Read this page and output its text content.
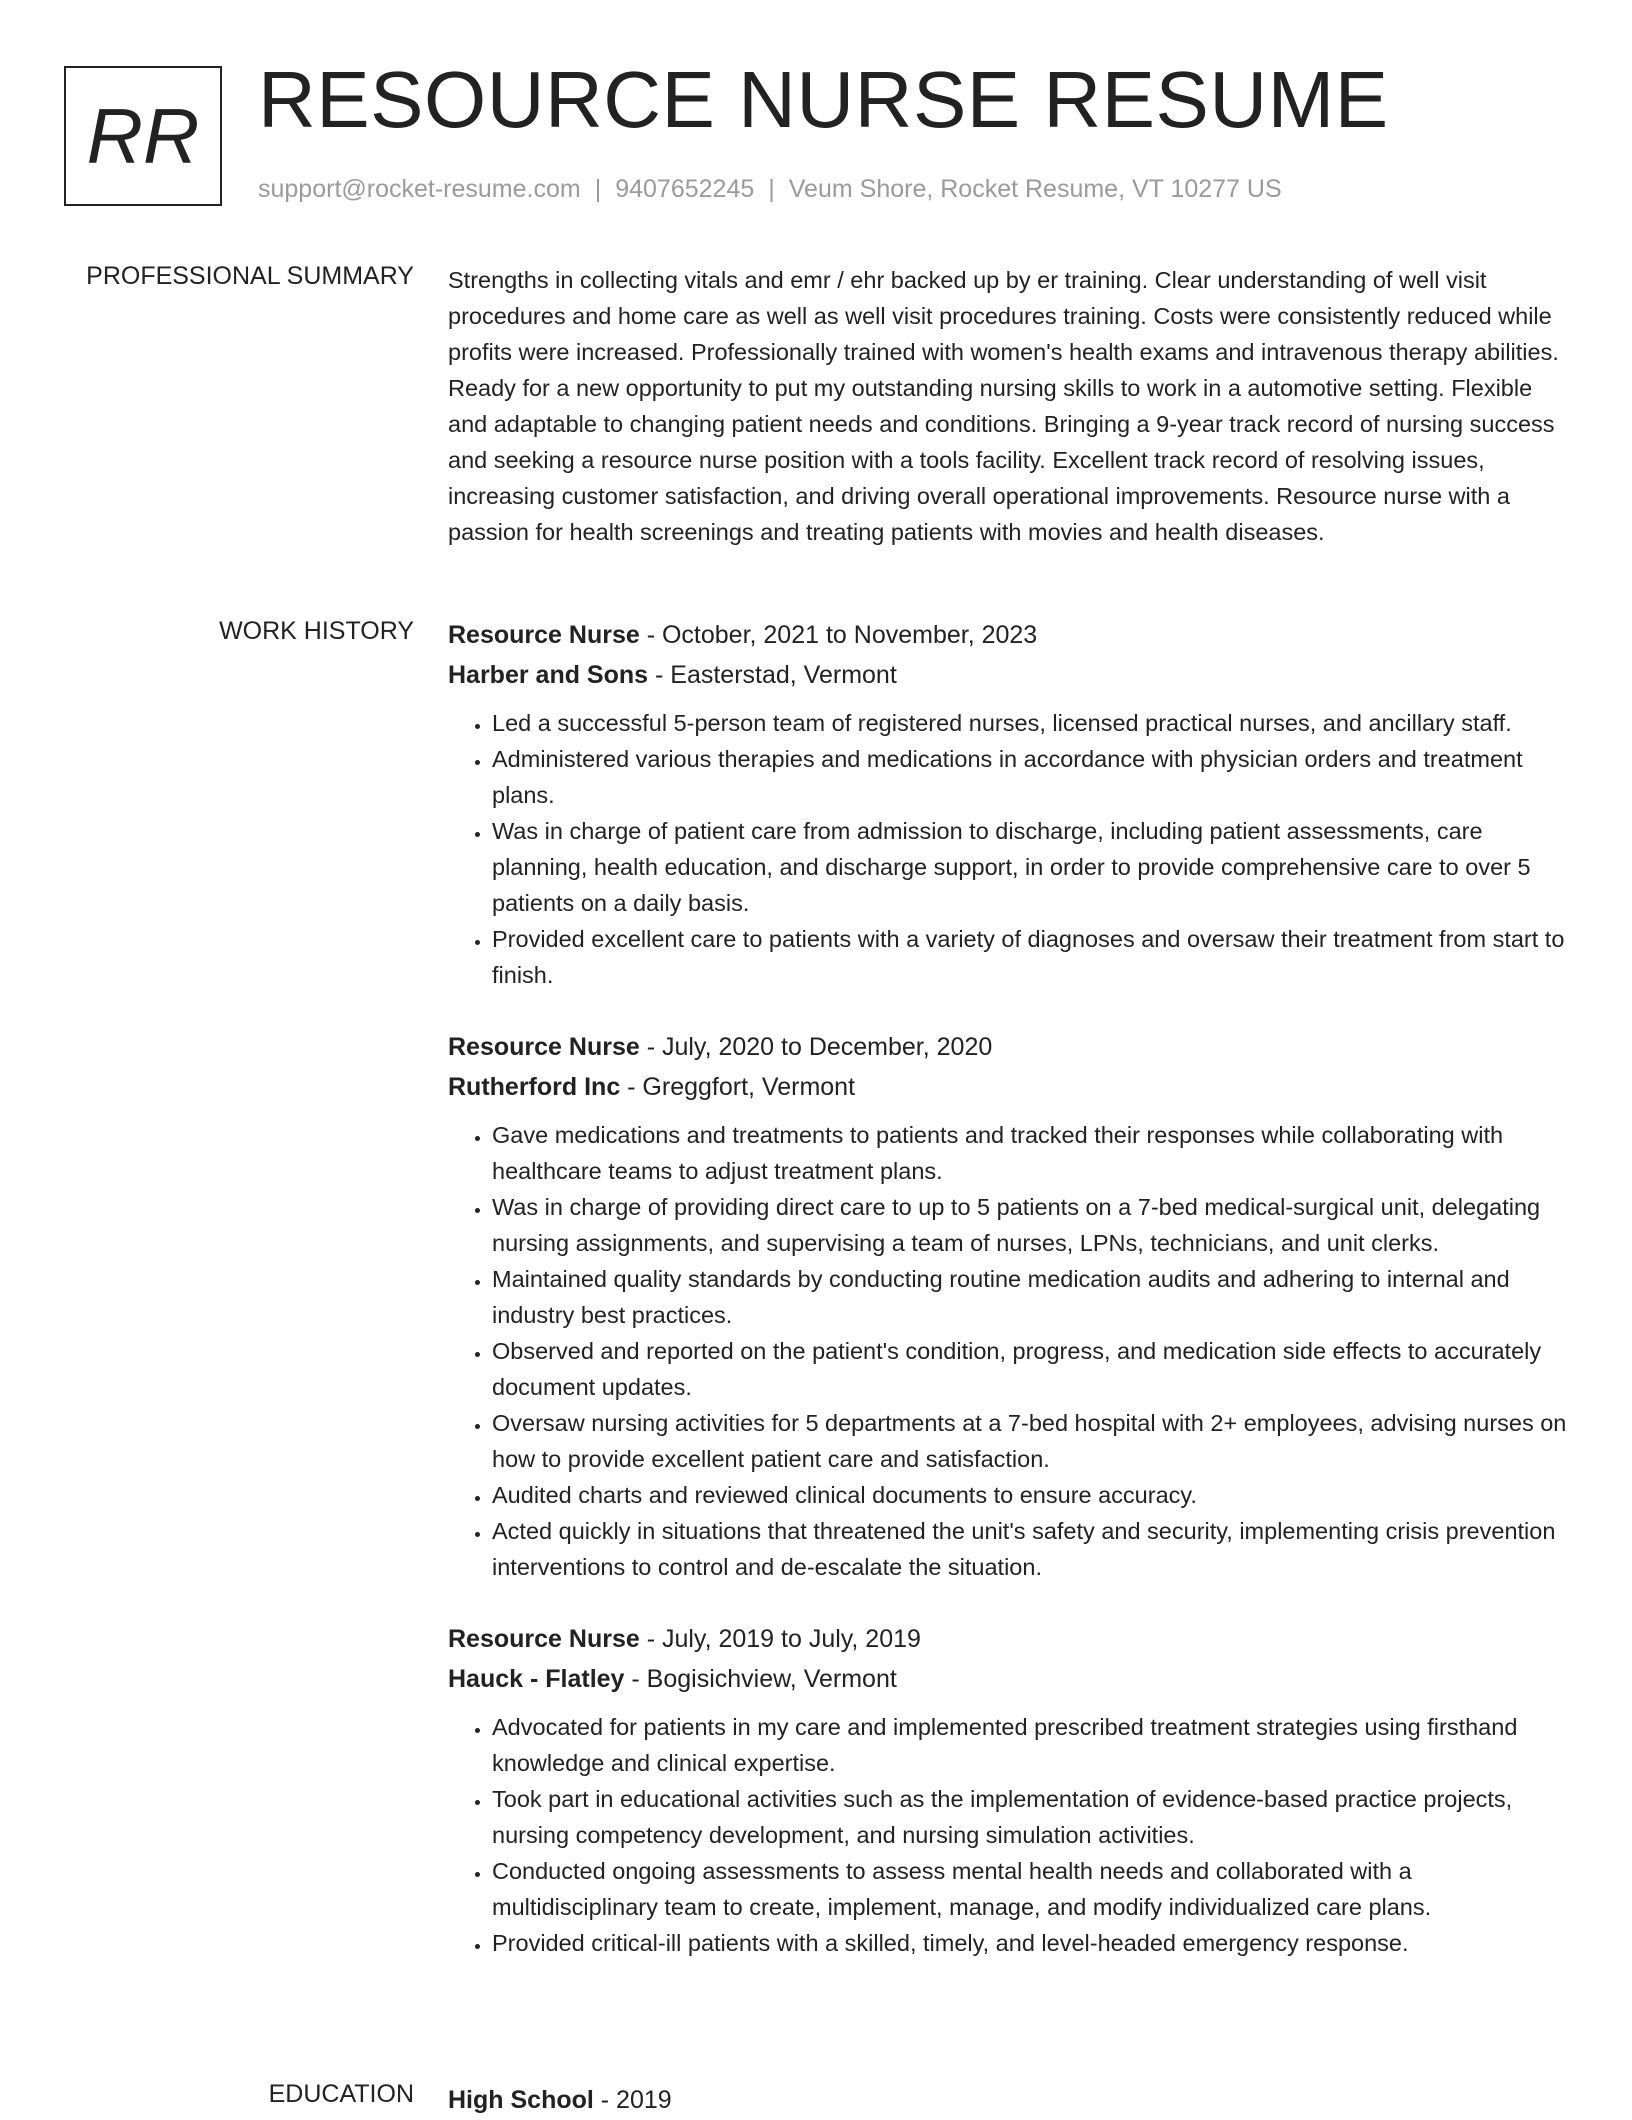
RR RESOURCE NURSE RESUME
support@rocket-resume.com | 9407652245 | Veum Shore, Rocket Resume, VT 10277 US
PROFESSIONAL SUMMARY Strengths in collecting vitals and emr / ehr backed up by er training. Clear understanding of well visit procedures and home care as well as well visit procedures training. Costs were consistently reduced while profits were increased. Professionally trained with women's health exams and intravenous therapy abilities. Ready for a new opportunity to put my outstanding nursing skills to work in a automotive setting. Flexible and adaptable to changing patient needs and conditions. Bringing a 9-year track record of nursing success and seeking a resource nurse position with a tools facility. Excellent track record of resolving issues, increasing customer satisfaction, and driving overall operational improvements. Resource nurse with a passion for health screenings and treating patients with movies and health diseases.

WORK HISTORY Resource Nurse - October, 2021 to November, 2023
Harber and Sons - Easterstad, Vermont
• Led a successful 5-person team of registered nurses, licensed practical nurses, and ancillary staff.
• Administered various therapies and medications in accordance with physician orders and treatment plans.
• Was in charge of patient care from admission to discharge, including patient assessments, care planning, health education, and discharge support, in order to provide comprehensive care to over 5 patients on a daily basis.
• Provided excellent care to patients with a variety of diagnoses and oversaw their treatment from start to finish.
Resource Nurse - July, 2020 to December, 2020
Rutherford Inc - Greggfort, Vermont
• Gave medications and treatments to patients and tracked their responses while collaborating with healthcare teams to adjust treatment plans.
• Was in charge of providing direct care to up to 5 patients on a 7-bed medical-surgical unit, delegating nursing assignments, and supervising a team of nurses, LPNs, technicians, and unit clerks.
• Maintained quality standards by conducting routine medication audits and adhering to internal and industry best practices.
• Observed and reported on the patient's condition, progress, and medication side effects to accurately document updates.
• Oversaw nursing activities for 5 departments at a 7-bed hospital with 2+ employees, advising nurses on how to provide excellent patient care and satisfaction.
• Audited charts and reviewed clinical documents to ensure accuracy.
• Acted quickly in situations that threatened the unit's safety and security, implementing crisis prevention interventions to control and de-escalate the situation.
Resource Nurse - July, 2019 to July, 2019
Hauck - Flatley - Bogisichview, Vermont
• Advocated for patients in my care and implemented prescribed treatment strategies using firsthand knowledge and clinical expertise.
• Took part in educational activities such as the implementation of evidence-based practice projects, nursing competency development, and nursing simulation activities.
• Conducted ongoing assessments to assess mental health needs and collaborated with a multidisciplinary team to create, implement, manage, and modify individualized care plans.
• Provided critical-ill patients with a skilled, timely, and level-headed emergency response.
EDUCATION High School - 2019
